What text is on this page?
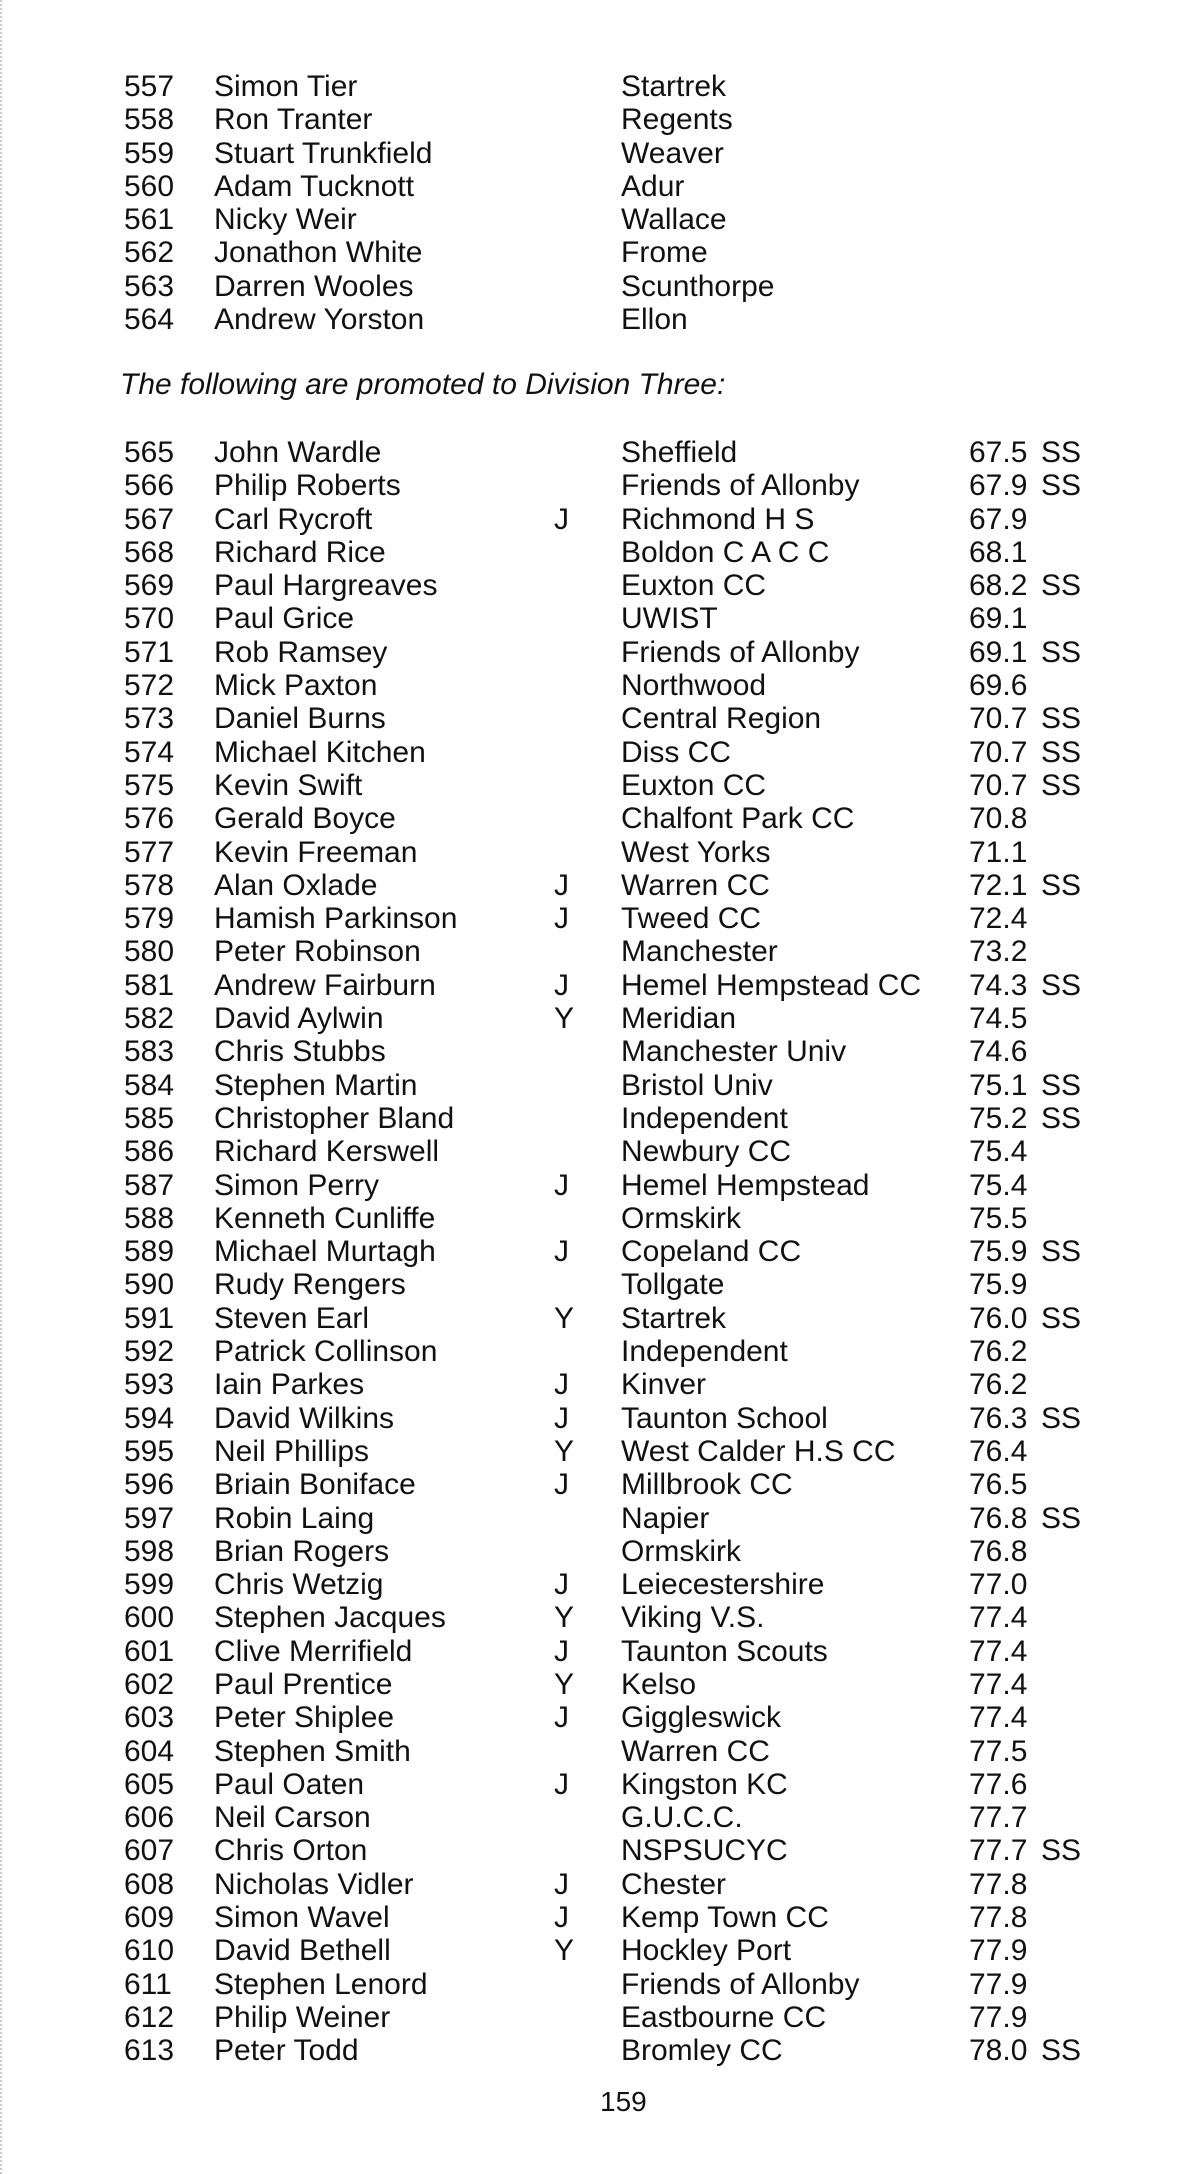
557	Simon Tier	Startrek
558	Ron Tranter	Regents
559	Stuart Trunkfield	Weaver
560	Adam Tucknott	Adur
561	Nicky Weir	Wallace
562	Jonathon White	Frome
563	Darren Wooles	Scunthorpe
564	Andrew Yorston	Ellon
The following are promoted to Division Three:
565	John Wardle	Sheffield	67.5 SS
566	Philip Roberts	Friends of Allonby	67.9 SS
567	Carl Rycroft	J	Richmond H S	67.9
568	Richard Rice	Boldon C A C C	68.1
569	Paul Hargreaves	Euxton CC	68.2 SS
570	Paul Grice	UWIST	69.1
571	Rob Ramsey	Friends of Allonby	69.1 SS
572	Mick Paxton	Northwood	69.6
573	Daniel Burns	Central Region	70.7 SS
574	Michael Kitchen	Diss CC	70.7 SS
575	Kevin Swift	Euxton CC	70.7 SS
576	Gerald Boyce	Chalfont Park CC	70.8
577	Kevin Freeman	West Yorks	71.1
578	Alan Oxlade	J	Warren CC	72.1 SS
579	Hamish Parkinson	J	Tweed CC	72.4
580	Peter Robinson	Manchester	73.2
581	Andrew Fairburn	J	Hemel Hempstead CC	74.3 SS
582	David Aylwin	Y	Meridian	74.5
583	Chris Stubbs	Manchester Univ	74.6
584	Stephen Martin	Bristol Univ	75.1 SS
585	Christopher Bland	Independent	75.2 SS
586	Richard Kerswell	Newbury CC	75.4
587	Simon Perry	J	Hemel Hempstead	75.4
588	Kenneth Cunliffe	Ormskirk	75.5
589	Michael Murtagh	J	Copeland CC	75.9 SS
590	Rudy Rengers	Tollgate	75.9
591	Steven Earl	Y	Startrek	76.0 SS
592	Patrick Collinson	Independent	76.2
593	Iain Parkes	J	Kinver	76.2
594	David Wilkins	J	Taunton School	76.3 SS
595	Neil Phillips	Y	West Calder H.S CC	76.4
596	Briain Boniface	J	Millbrook CC	76.5
597	Robin Laing	Napier	76.8 SS
598	Brian Rogers	Ormskirk	76.8
599	Chris Wetzig	J	Leiecestershire	77.0
600	Stephen Jacques	Y	Viking V.S.	77.4
601	Clive Merrifield	J	Taunton Scouts	77.4
602	Paul Prentice	Y	Kelso	77.4
603	Peter Shiplee	J	Giggleswick	77.4
604	Stephen Smith	Warren CC	77.5
605	Paul Oaten	J	Kingston KC	77.6
606	Neil Carson	G.U.C.C.	77.7
607	Chris Orton	NSPSUCYC	77.7 SS
608	Nicholas Vidler	J	Chester	77.8
609	Simon Wavel	J	Kemp Town CC	77.8
610	David Bethell	Y	Hockley Port	77.9
611	Stephen Lenord	Friends of Allonby	77.9
612	Philip Weiner	Eastbourne CC	77.9
613	Peter Todd	Bromley CC	78.0 SS
159
